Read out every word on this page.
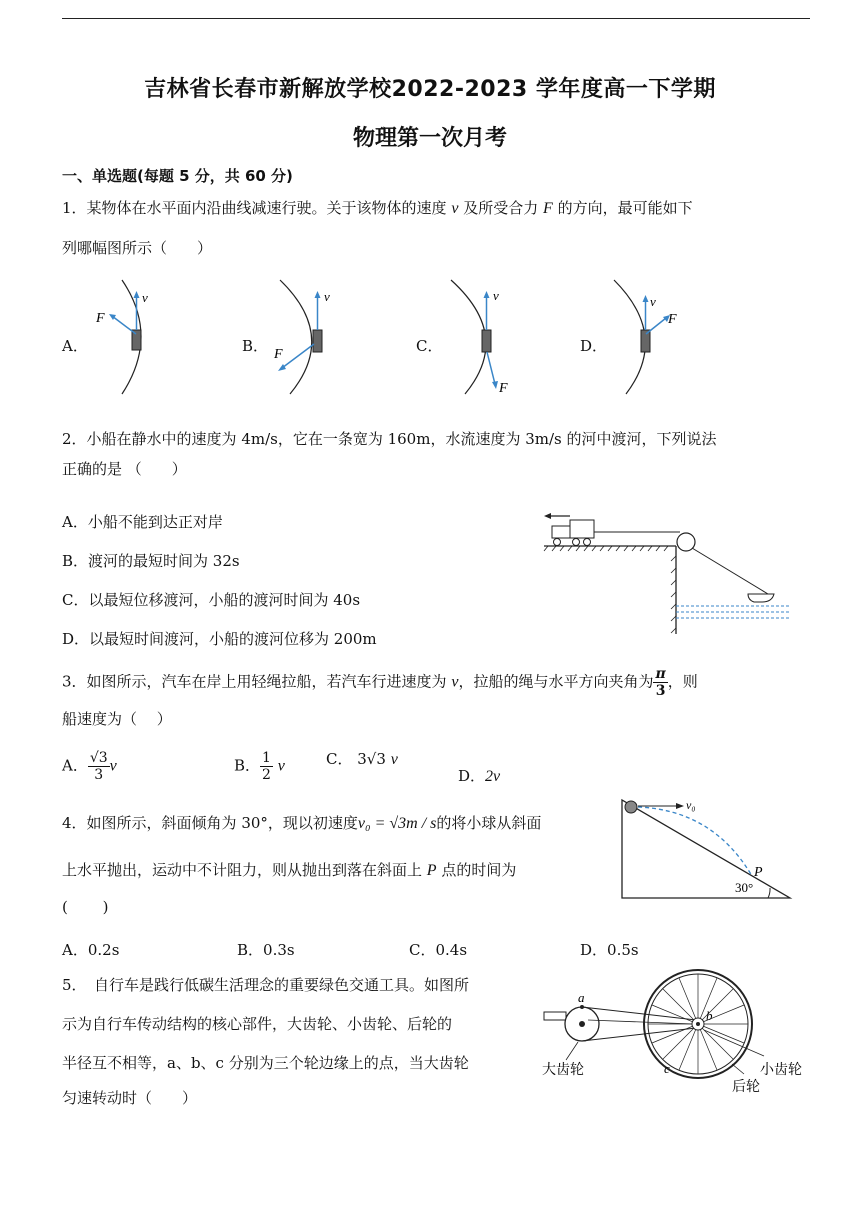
吉林省长春市新解放学校2022-2023 学年度高一下学期
物理第一次月考
一、单选题(每题 5 分，共 60 分)
1．某物体在水平面内沿曲线减速行驶。关于该物体的速度 v 及所受合力 F 的方向，最可能如下
列哪幅图所示（　　）
A．
v
F
B．
v
F	C．
v
F
D．
v
F
2．小船在静水中的速度为 4m/s，它在一条宽为 160m，水流速度为 3m/s 的河中渡河，下列说法
正确的是 （　　）
A．小船不能到达正对岸
B．渡河的最短时间为 32s
C．以最短位移渡河，小船的渡河时间为 40s
D．以最短时间渡河，小船的渡河位移为 200m
3．如图所示，汽车在岸上用轻绳拉船，若汽车行进速度为 v，拉船的绳与水平方向夹角为 $\frac{\pi}{3}$ ，则
船速度为（　 ）
A． $\frac{√3}{3}$ v	B． $\frac{1}{2}$ v	C． 3√3 v
D．2v
4．如图所示，斜面倾角为 30°，现以初速度v₀ = √3m / s的将小球从斜面
上水平抛出，运动中不计阻力，则从抛出到落在斜面上 P 点的时间为
(　　 )
v₀
P
30°
A．0.2s	B．0.3s	C．0.4s	D．0.5s
5．　自行车是践行低碳生活理念的重要绿色交通工具。如图所
示为自行车传动结构的核心部件，大齿轮、小齿轮、后轮的
半径互不相等，a、b、c 分别为三个轮边缘上的点，当大齿轮
匀速转动时（　　）
a
b
c
大齿轮	小齿轮
后轮
